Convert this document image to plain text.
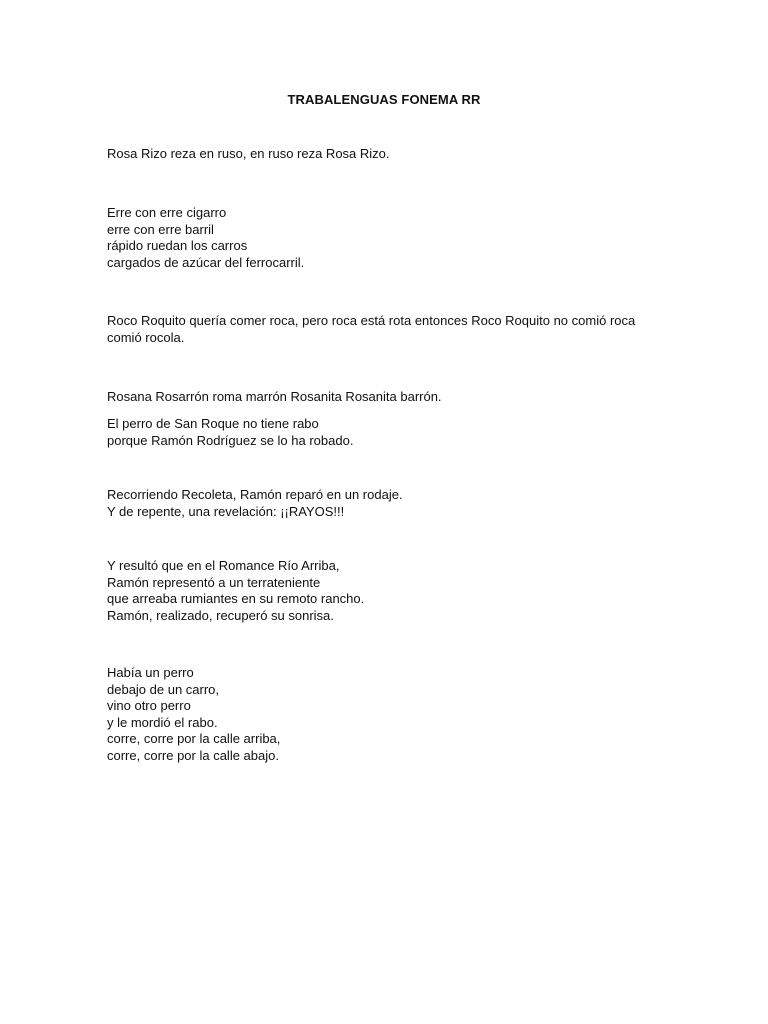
TRABALENGUAS FONEMA RR
Rosa Rizo reza en ruso, en ruso reza Rosa Rizo.
Erre con erre cigarro
erre con erre barril
rápido ruedan los carros
cargados de azúcar del ferrocarril.
Roco Roquito quería comer roca, pero roca está rota entonces Roco Roquito no comió roca
comió rocola.
Rosana Rosarrón roma marrón Rosanita Rosanita barrón.
El perro de San Roque no tiene rabo
porque Ramón Rodríguez se lo ha robado.
Recorriendo Recoleta, Ramón reparó en un rodaje.
Y de repente, una revelación: ¡¡RAYOS!!!
Y resultó que en el Romance Río Arriba,
Ramón representó a un terrateniente
que arreaba rumiantes en su remoto rancho.
Ramón, realizado, recuperó su sonrisa.
Había un perro
debajo de un carro,
vino otro perro
y le mordió el rabo.
corre, corre por la calle arriba,
corre, corre por la calle abajo.
